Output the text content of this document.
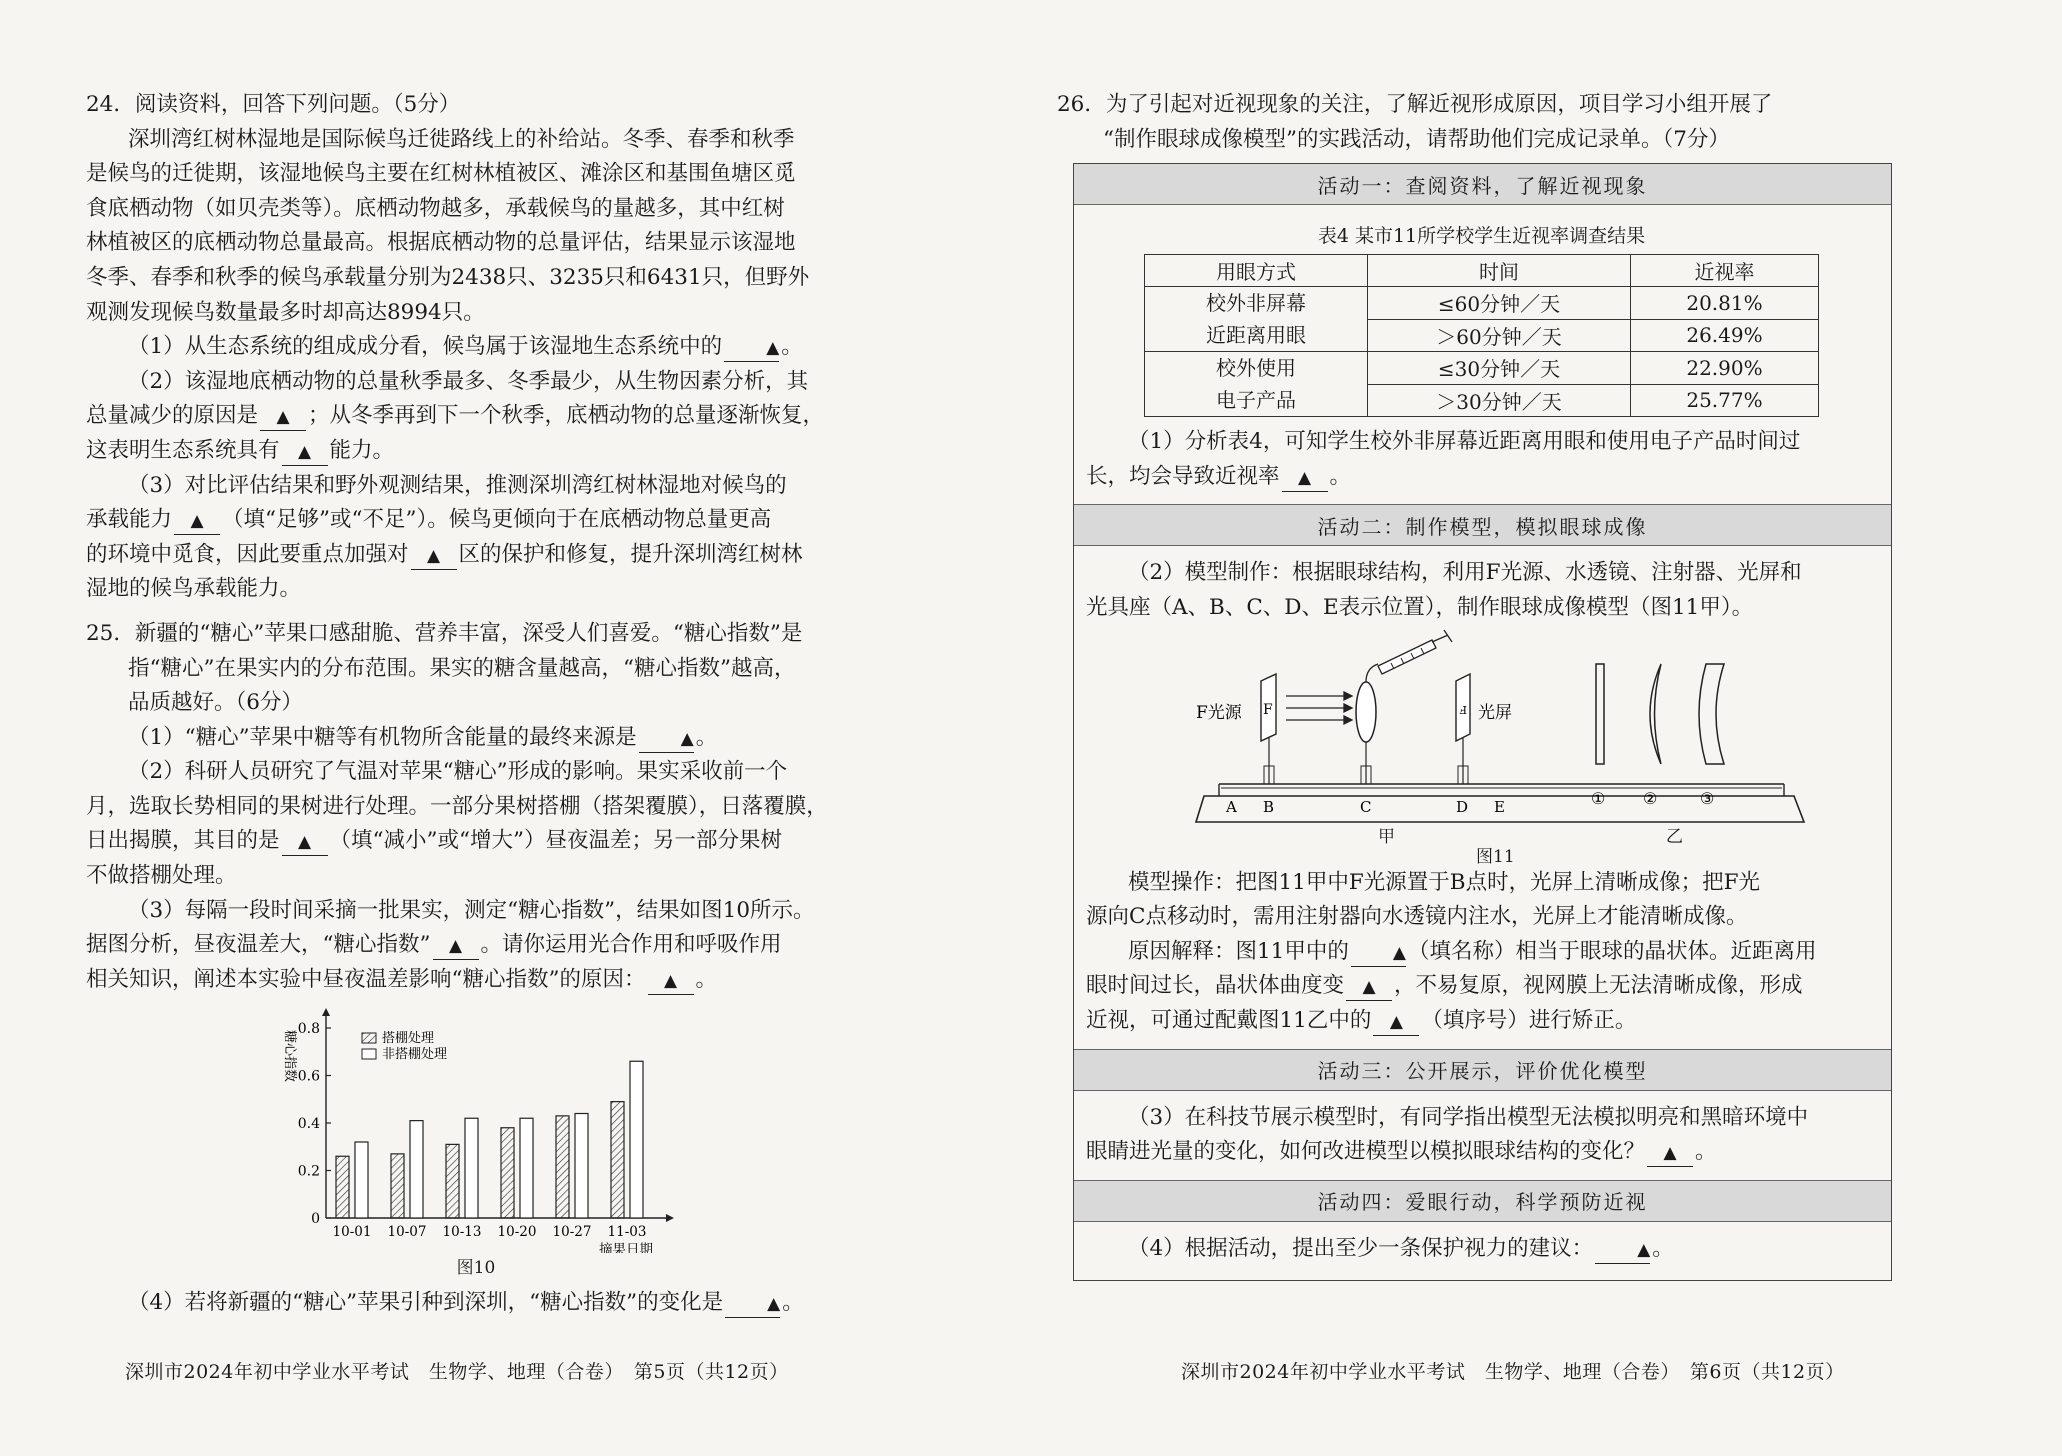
24．阅读资料，回答下列问题。（5分）

深圳湾红树林湿地是国际候鸟迁徙路线上的补给站。冬季、春季和秋季

是候鸟的迁徙期，该湿地候鸟主要在红树林植被区、滩涂区和基围鱼塘区觅

食底栖动物（如贝壳类等）。底栖动物越多，承载候鸟的量越多，其中红树

林植被区的底栖动物总量最高。根据底栖动物的总量评估，结果显示该湿地

冬季、春季和秋季的候鸟承载量分别为2438只、3235只和6431只，但野外

观测发现候鸟数量最多时却高达8994只。

（1）从生态系统的组成成分看，候鸟属于该湿地生态系统中的	▲。

（2）该湿地底栖动物的总量秋季最多、冬季最少，从生物因素分析，其

总量减少的原因是 ▲ ；从冬季再到下一个秋季，底栖动物的总量逐渐恢复，

这表明生态系统具有 ▲ 能力。

（3）对比评估结果和野外观测结果，推测深圳湾红树林湿地对候鸟的

承载能力 ▲ （填“足够”或“不足”）。候鸟更倾向于在底栖动物总量更高

的环境中觅食，因此要重点加强对 ▲ 区的保护和修复，提升深圳湾红树林

湿地的候鸟承载能力。

25．新疆的“糖心”苹果口感甜脆、营养丰富，深受人们喜爱。“糖心指数”是

指“糖心”在果实内的分布范围。果实的糖含量越高，“糖心指数”越高，

品质越好。（6分）

（1）“糖心”苹果中糖等有机物所含能量的最终来源是	▲。

（2）科研人员研究了气温对苹果“糖心”形成的影响。果实采收前一个

月，选取长势相同的果树进行处理。一部分果树搭棚（搭架覆膜），日落覆膜，

日出揭膜，其目的是 ▲ （填“减小”或“增大”）昼夜温差；另一部分果树

不做搭棚处理。

（3）每隔一段时间采摘一批果实，测定“糖心指数”，结果如图10所示。

据图分析，昼夜温差大，“糖心指数” ▲ 。请你运用光合作用和呼吸作用

相关知识，阐述本实验中昼夜温差影响“糖心指数”的原因： ▲ 。

0
0.2
0.4
0.6
0.8
糖心指数
10-01 10-07 10-13 10-20 10-27 11-03
摘果日期
搭棚处理
非搭棚处理
图10

（4）若将新疆的“糖心”苹果引种到深圳，“糖心指数”的变化是	▲。

深圳市2024年初中学业水平考试　生物学、地理（合卷）　第5页（共12页）

26．为了引起对近视现象的关注，了解近视形成原因，项目学习小组开展了

“制作眼球成像模型”的实践活动，请帮助他们完成记录单。（7分）

活动一：查阅资料，了解近视现象
表4 某市11所学校学生近视率调查结果
用眼方式	时间	近视率
校外非屏幕
近距离用眼	≤60分钟／天	20.81%
	＞60分钟／天	26.49%
校外使用
电子产品	≤30分钟／天	22.90%
	＞30分钟／天	25.77%

（1）分析表4，可知学生校外非屏幕近距离用眼和使用电子产品时间过

长，均会导致近视率 ▲ 。

活动二：制作模型，模拟眼球成像

（2）模型制作：根据眼球结构，利用F光源、水透镜、注射器、光屏和

光具座（A、B、C、D、E表示位置），制作眼球成像模型（图11甲）。

F
F光源	F 光屏
A B	C	D E	① ②	③
甲	乙
图11

模型操作：把图11甲中F光源置于B点时，光屏上清晰成像；把F光

源向C点移动时，需用注射器向水透镜内注水，光屏上才能清晰成像。

原因解释：图11甲中的	▲（填名称）相当于眼球的晶状体。近距离用

眼时间过长，晶状体曲度变 ▲ ，不易复原，视网膜上无法清晰成像，形成

近视，可通过配戴图11乙中的 ▲ （填序号）进行矫正。

活动三：公开展示，评价优化模型

（3）在科技节展示模型时，有同学指出模型无法模拟明亮和黑暗环境中

眼睛进光量的变化，如何改进模型以模拟眼球结构的变化？ ▲ 。

活动四：爱眼行动，科学预防近视

（4）根据活动，提出至少一条保护视力的建议：	▲。

深圳市2024年初中学业水平考试　生物学、地理（合卷）　第6页（共12页）
